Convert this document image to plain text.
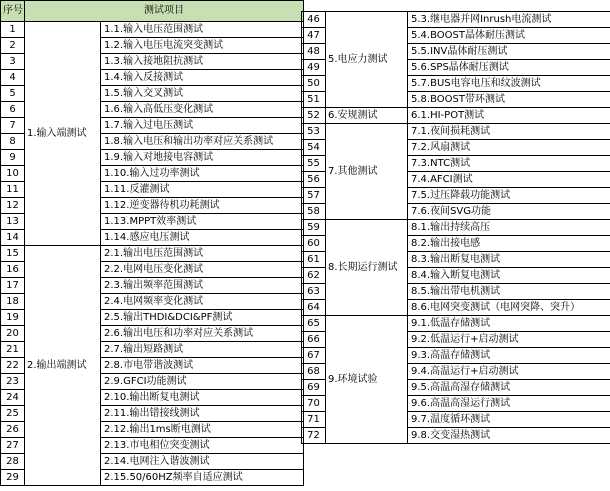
序号	测试项目	
1	1.输入端测试	1.1.输入电压范围测试
2		1.2.输入电压电流突变测试
3		1.3.输入接地阻抗测试
4		1.4.输入反接测试
5		1.5.输入交叉测试
6		1.6.输入高低压变化测试
7		1.7.输入过电压测试
8		1.8.输入电压和输出功率对应关系测试
9		1.9.输入对地接电容测试
10		1.10.输入过功率测试
11		1.11.反灌测试
12		1.12.逆变器待机功耗测试
13		1.13.MPPT效率测试
14		1.14.感应电压测试
15	2.输出端测试	2.1.输出电压范围测试
16		2.2.电网电压变化测试
17		2.3.输出频率范围测试
18		2.4.电网频率变化测试
19		2.5.输出THDI&DCI&PF测试
20		2.6.输出电压和功率对应关系测试
21		2.7.输出短路测试
22		2.8.市电带谐波测试
23		2.9.GFCI功能测试
24		2.10.输出断复电测试
25		2.11.输出错接线测试
26		2.12.输出1ms断电测试
27		2.13.市电相位突变测试
28		2.14.电网注入谐波测试
29		2.15.50/60HZ频率自适应测试
46	5.电应力测试	5.3.继电器并网Inrush电流测试
47		5.4.BOOST晶体耐压测试
48		5.5.INV晶体耐压测试
49		5.6.SPS晶体耐压测试
50		5.7.BUS电容电压和纹波测试
51		5.8.BOOST带环测试
52	6.安规测试	6.1.HI-POT测试
53	7.其他测试	7.1.夜间损耗测试
54		7.2.风扇测试
55		7.3.NTC测试
56		7.4.AFCI测试
57		7.5.过压降载功能测试
58		7.6.夜间SVG功能
59	8.长期运行测试	8.1.输出持续高压
60		8.2.输出接电感
61		8.3.输出断复电测试
62		8.4.输入断复电测试
63		8.5.输出带电机测试
64		8.6.电网突变测试（电网突降、突升）
65	9.环境试验	9.1.低温存储测试
66		9.2.低温运行+启动测试
67		9.3.高温存储测试
68		9.4.高温运行+启动测试
69		9.5.高温高湿存储测试
70		9.6.高温高湿运行测试
71		9.7.温度循环测试
72		9.8.交变湿热测试
